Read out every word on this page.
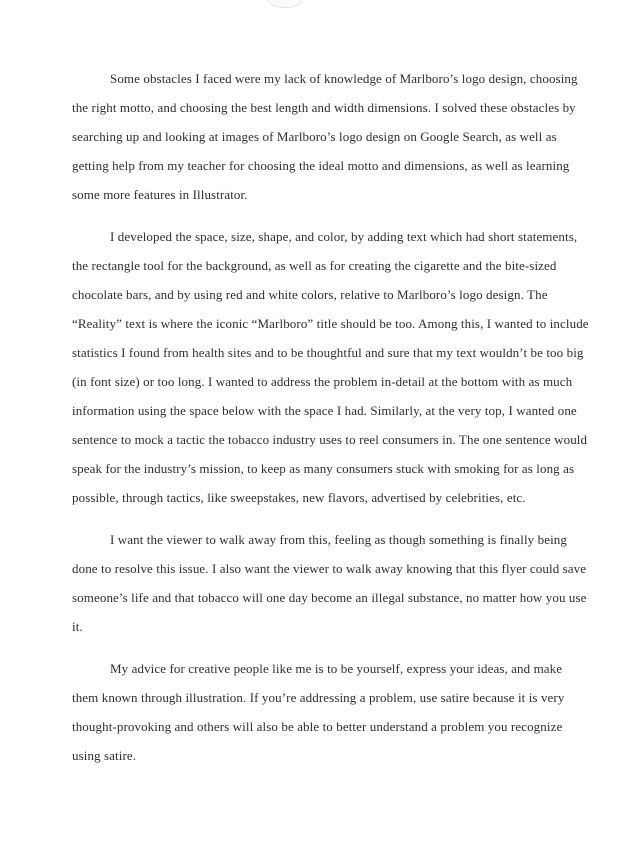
Some obstacles I faced were my lack of knowledge of Marlboro’s logo design, choosing
the right motto, and choosing the best length and width dimensions. I solved these obstacles by
searching up and looking at images of Marlboro’s logo design on Google Search, as well as
getting help from my teacher for choosing the ideal motto and dimensions, as well as learning
some more features in Illustrator.
I developed the space, size, shape, and color, by adding text which had short statements,
the rectangle tool for the background, as well as for creating the cigarette and the bite-sized
chocolate bars, and by using red and white colors, relative to Marlboro’s logo design. The
“Reality” text is where the iconic “Marlboro” title should be too. Among this, I wanted to include
statistics I found from health sites and to be thoughtful and sure that my text wouldn’t be too big
(in font size) or too long. I wanted to address the problem in-detail at the bottom with as much
information using the space below with the space I had. Similarly, at the very top, I wanted one
sentence to mock a tactic the tobacco industry uses to reel consumers in. The one sentence would
speak for the industry’s mission, to keep as many consumers stuck with smoking for as long as
possible, through tactics, like sweepstakes, new flavors, advertised by celebrities, etc.
I want the viewer to walk away from this, feeling as though something is finally being
done to resolve this issue. I also want the viewer to walk away knowing that this flyer could save
someone’s life and that tobacco will one day become an illegal substance, no matter how you use
it.
My advice for creative people like me is to be yourself, express your ideas, and make
them known through illustration. If you’re addressing a problem, use satire because it is very
thought-provoking and others will also be able to better understand a problem you recognize
using satire.
